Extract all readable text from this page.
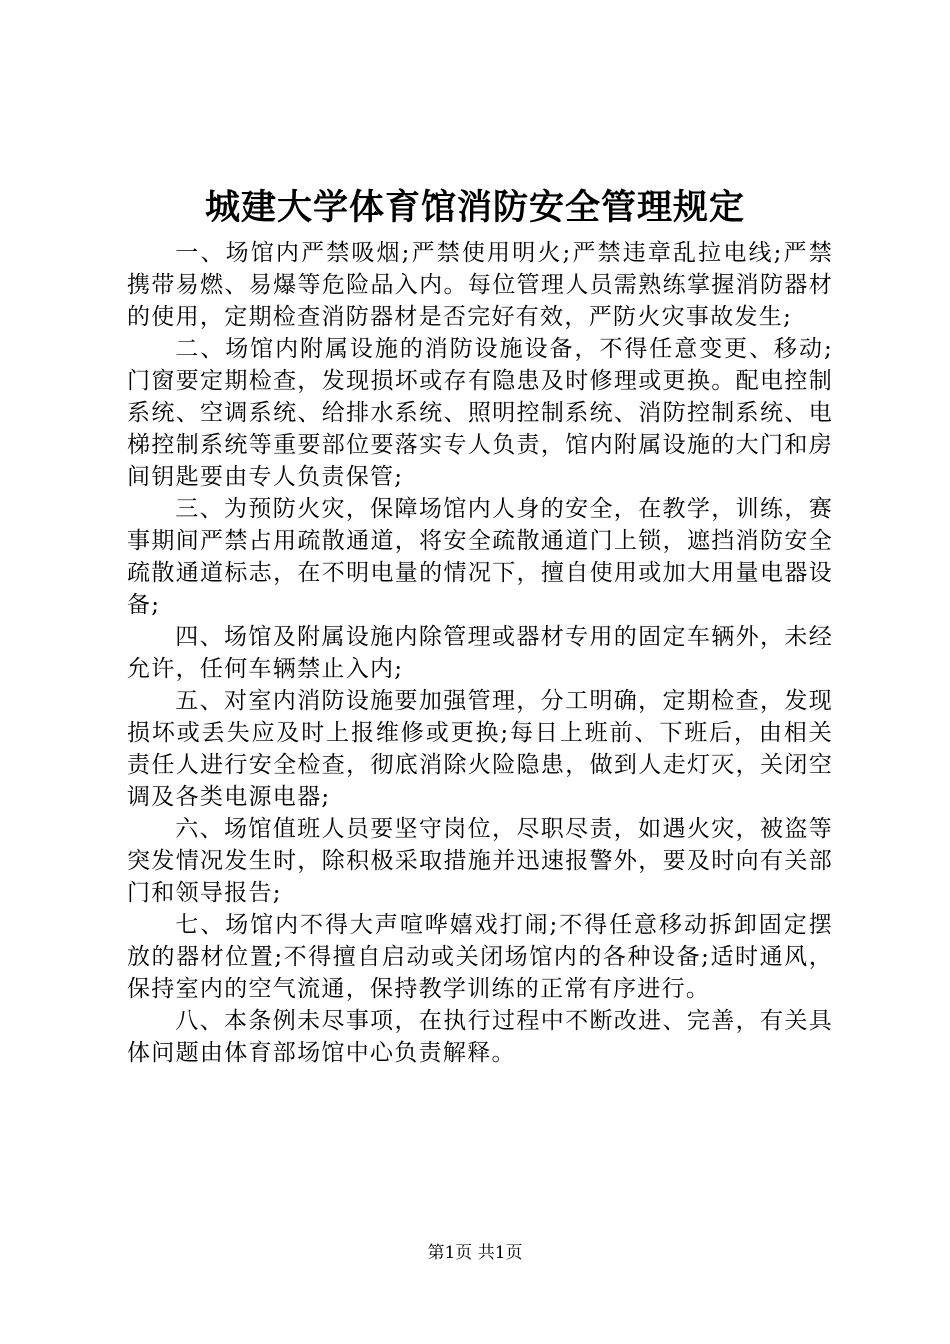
城建大学体育馆消防安全管理规定

一、场馆内严禁吸烟;严禁使用明火;严禁违章乱拉电线;严禁携带易燃、易爆等危险品入内。每位管理人员需熟练掌握消防器材的使用，定期检查消防器材是否完好有效，严防火灾事故发生;

二、场馆内附属设施的消防设施设备，不得任意变更、移动;门窗要定期检查，发现损坏或存有隐患及时修理或更换。配电控制系统、空调系统、给排水系统、照明控制系统、消防控制系统、电梯控制系统等重要部位要落实专人负责，馆内附属设施的大门和房间钥匙要由专人负责保管;

三、为预防火灾，保障场馆内人身的安全，在教学，训练，赛事期间严禁占用疏散通道，将安全疏散通道门上锁，遮挡消防安全疏散通道标志，在不明电量的情况下，擅自使用或加大用量电器设备;

四、场馆及附属设施内除管理或器材专用的固定车辆外，未经允许，任何车辆禁止入内;

五、对室内消防设施要加强管理，分工明确，定期检查，发现损坏或丢失应及时上报维修或更换;每日上班前、下班后，由相关责任人进行安全检查，彻底消除火险隐患，做到人走灯灭，关闭空调及各类电源电器;

六、场馆值班人员要坚守岗位，尽职尽责，如遇火灾，被盗等突发情况发生时，除积极采取措施并迅速报警外，要及时向有关部门和领导报告;

七、场馆内不得大声喧哗嬉戏打闹;不得任意移动拆卸固定摆放的器材位置;不得擅自启动或关闭场馆内的各种设备;适时通风，保持室内的空气流通，保持教学训练的正常有序进行。

八、本条例未尽事项，在执行过程中不断改进、完善，有关具体问题由体育部场馆中心负责解释。

第1页 共1页
